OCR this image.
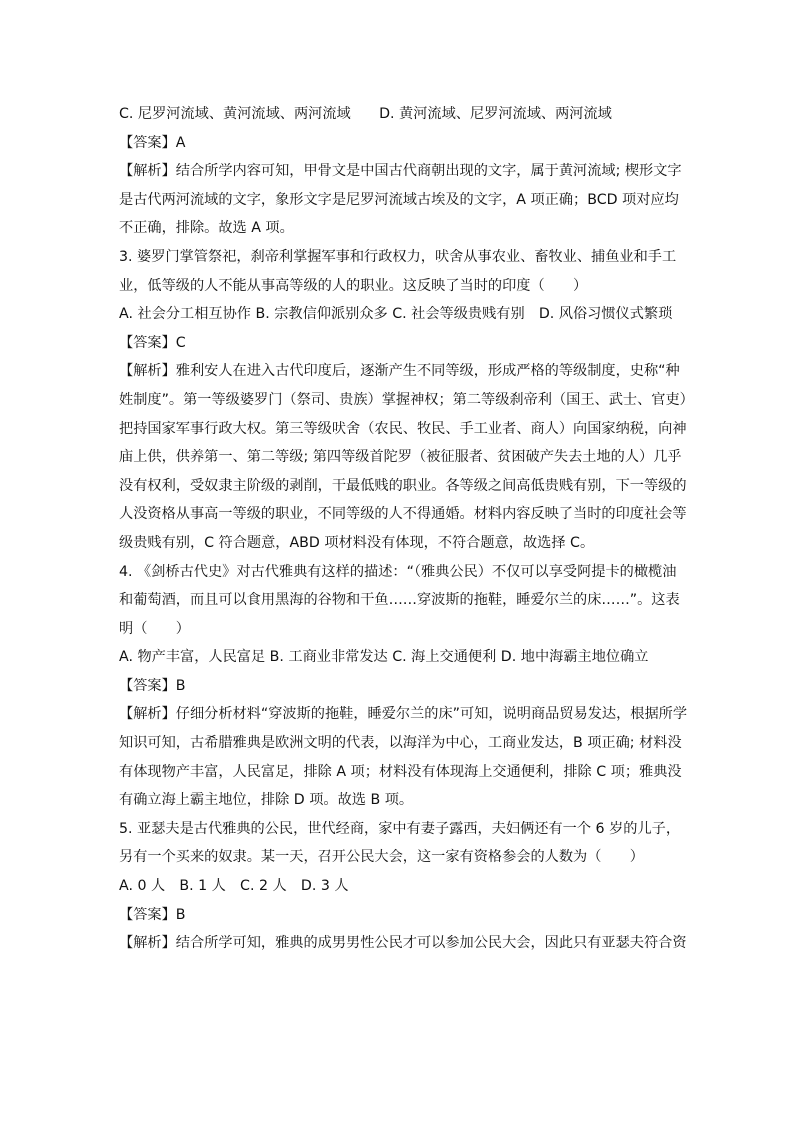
C. 尼罗河流域、黄河流域、两河流域　　D. 黄河流域、尼罗河流域、两河流域
【答案】A
【解析】结合所学内容可知，甲骨文是中国古代商朝出现的文字，属于黄河流域; 楔形文字
是古代两河流域的文字，象形文字是尼罗河流域古埃及的文字，A 项正确；BCD 项对应均
不正确，排除。故选 A 项。
3. 婆罗门掌管祭祀，刹帝利掌握军事和行政权力，吠舍从事农业、畜牧业、捕鱼业和手工
业，低等级的人不能从事高等级的人的职业。这反映了当时的印度（　　）
A. 社会分工相互协作 B. 宗教信仰派别众多 C. 社会等级贵贱有别　D. 风俗习惯仪式繁琐
【答案】C
【解析】雅利安人在进入古代印度后，逐渐产生不同等级，形成严格的等级制度，史称“种
姓制度”。第一等级婆罗门（祭司、贵族）掌握神权；第二等级刹帝利（国王、武士、官吏）
把持国家军事行政大权。第三等级吠舍（农民、牧民、手工业者、商人）向国家纳税，向神
庙上供，供养第一、第二等级; 第四等级首陀罗（被征服者、贫困破产失去土地的人）几乎
没有权利，受奴隶主阶级的剥削，干最低贱的职业。各等级之间高低贵贱有别，下一等级的
人没资格从事高一等级的职业，不同等级的人不得通婚。材料内容反映了当时的印度社会等
级贵贱有别，C 符合题意，ABD 项材料没有体现，不符合题意，故选择 C。
4. 《剑桥古代史》对古代雅典有这样的描述：“（雅典公民）不仅可以享受阿提卡的橄榄油
和葡萄酒，而且可以食用黑海的谷物和干鱼……穿波斯的拖鞋，睡爱尔兰的床……”。这表
明（　　）
A. 物产丰富，人民富足 B. 工商业非常发达 C. 海上交通便利 D. 地中海霸主地位确立
【答案】B
【解析】仔细分析材料“穿波斯的拖鞋，睡爱尔兰的床”可知，说明商品贸易发达，根据所学
知识可知，古希腊雅典是欧洲文明的代表，以海洋为中心，工商业发达，B 项正确; 材料没
有体现物产丰富，人民富足，排除 A 项；材料没有体现海上交通便利，排除 C 项；雅典没
有确立海上霸主地位，排除 D 项。故选 B 项。
5. 亚瑟夫是古代雅典的公民，世代经商，家中有妻子露西，夫妇俩还有一个 6 岁的儿子，
另有一个买来的奴隶。某一天，召开公民大会，这一家有资格参会的人数为（　　）
A. 0 人　B. 1 人　C. 2 人　D. 3 人
【答案】B
【解析】结合所学可知，雅典的成男男性公民才可以参加公民大会，因此只有亚瑟夫符合资
